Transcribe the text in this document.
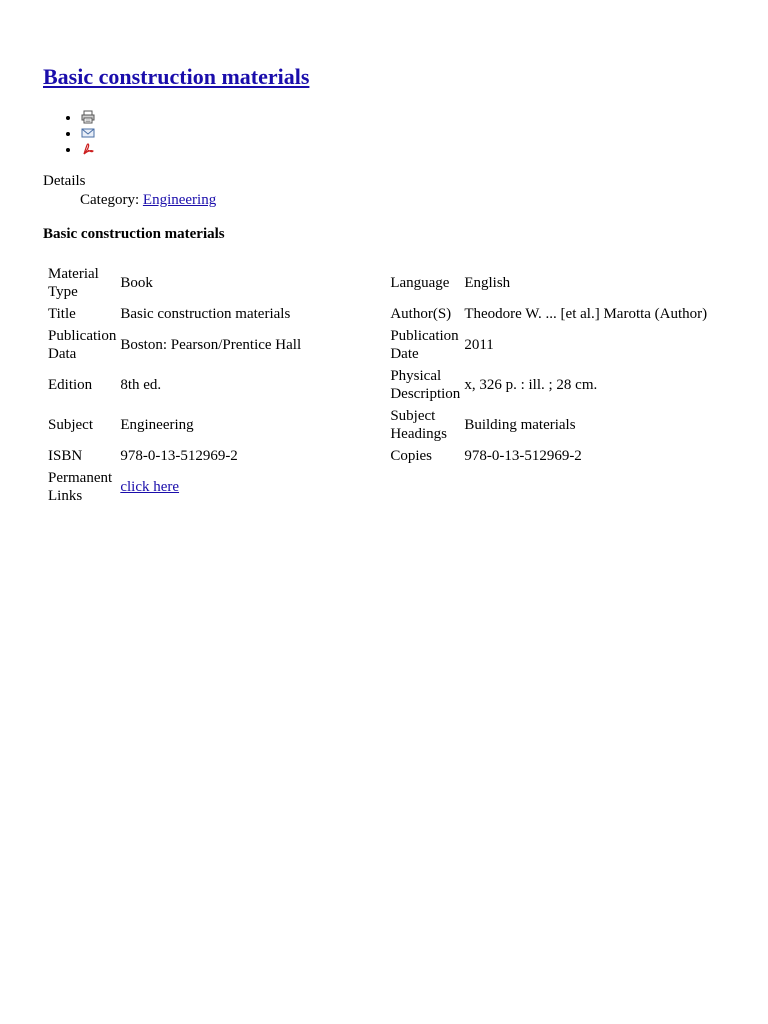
Basic construction materials
•
•
•
Details
Category: Engineering
Basic construction materials
Material Type	Book	Language	English
Title	Basic construction materials	Author(S)	Theodore W. ... [et al.] Marotta (Author)
Publication Data	Boston: Pearson/Prentice Hall	Publication Date	2011
Edition	8th ed.	Physical Description	x, 326 p. : ill. ; 28 cm.
Subject	Engineering	Subject Headings	Building materials
ISBN	978-0-13-512969-2	Copies	978-0-13-512969-2
Permanent Links	click here		
